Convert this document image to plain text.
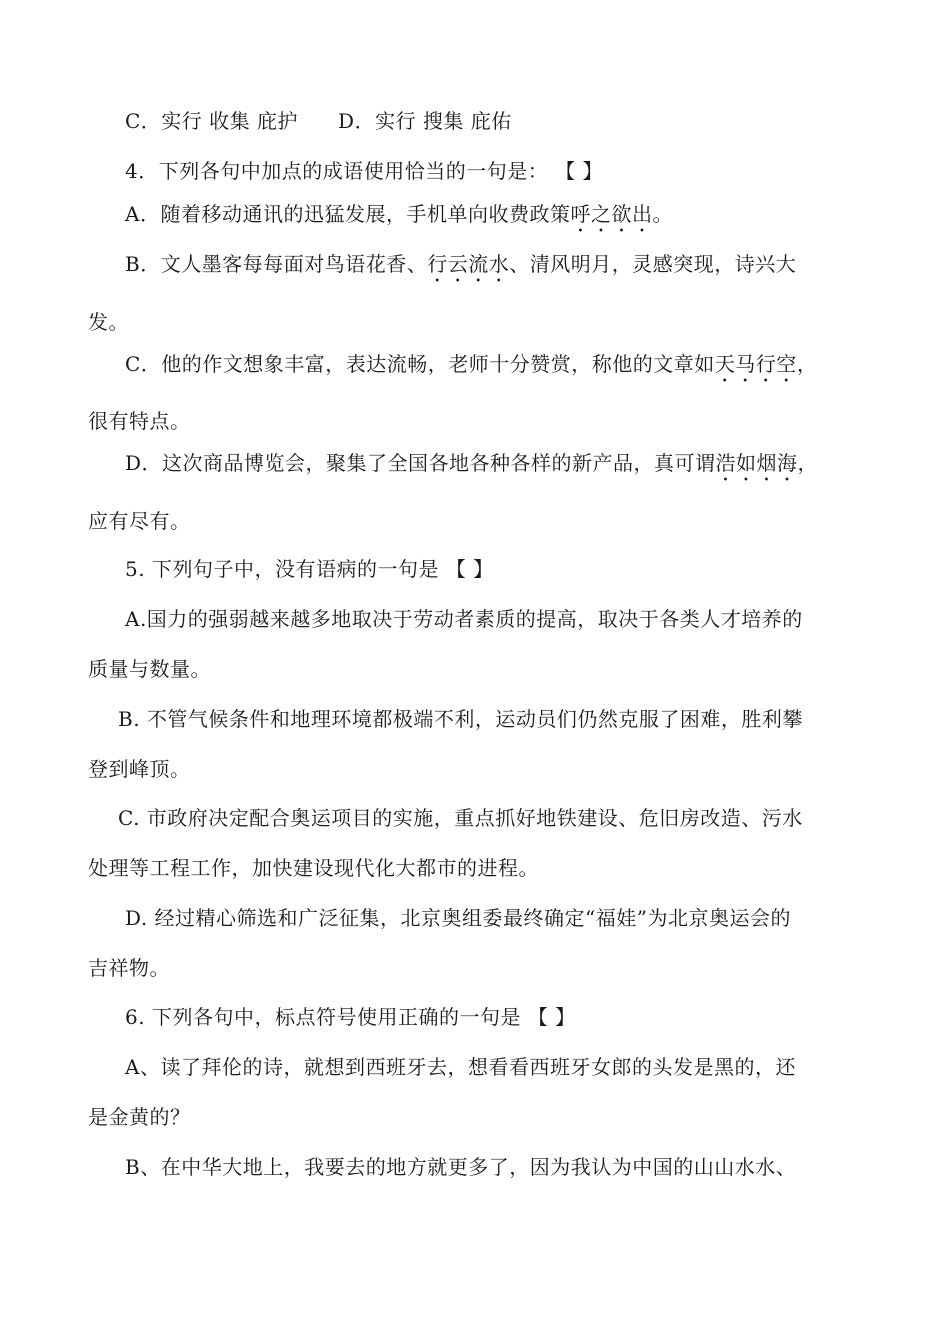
C．实行 收集 庇护 D．实行 搜集 庇佑
4．下列各句中加点的成语使用恰当的一句是： 【 】
A．随着移动通讯的迅猛发展，手机单向收费政策呼之欲出。
B．文人墨客每每面对鸟语花香、行云流水、清风明月，灵感突现，诗兴大
发。
C．他的作文想象丰富，表达流畅，老师十分赞赏，称他的文章如天马行空，
很有特点。
D．这次商品博览会，聚集了全国各地各种各样的新产品，真可谓浩如烟海，
应有尽有。
5. 下列句子中，没有语病的一句是 【 】
A.国力的强弱越来越多地取决于劳动者素质的提高，取决于各类人才培养的
质量与数量。
B. 不管气候条件和地理环境都极端不利，运动员们仍然克服了困难，胜利攀
登到峰顶。
C. 市政府决定配合奥运项目的实施，重点抓好地铁建设、危旧房改造、污水
处理等工程工作，加快建设现代化大都市的进程。
D. 经过精心筛选和广泛征集，北京奥组委最终确定“福娃”为北京奥运会的
吉祥物。
6. 下列各句中，标点符号使用正确的一句是 【 】
A、读了拜伦的诗，就想到西班牙去，想看看西班牙女郎的头发是黑的，还
是金黄的？
B、在中华大地上，我要去的地方就更多了，因为我认为中国的山山水水、
